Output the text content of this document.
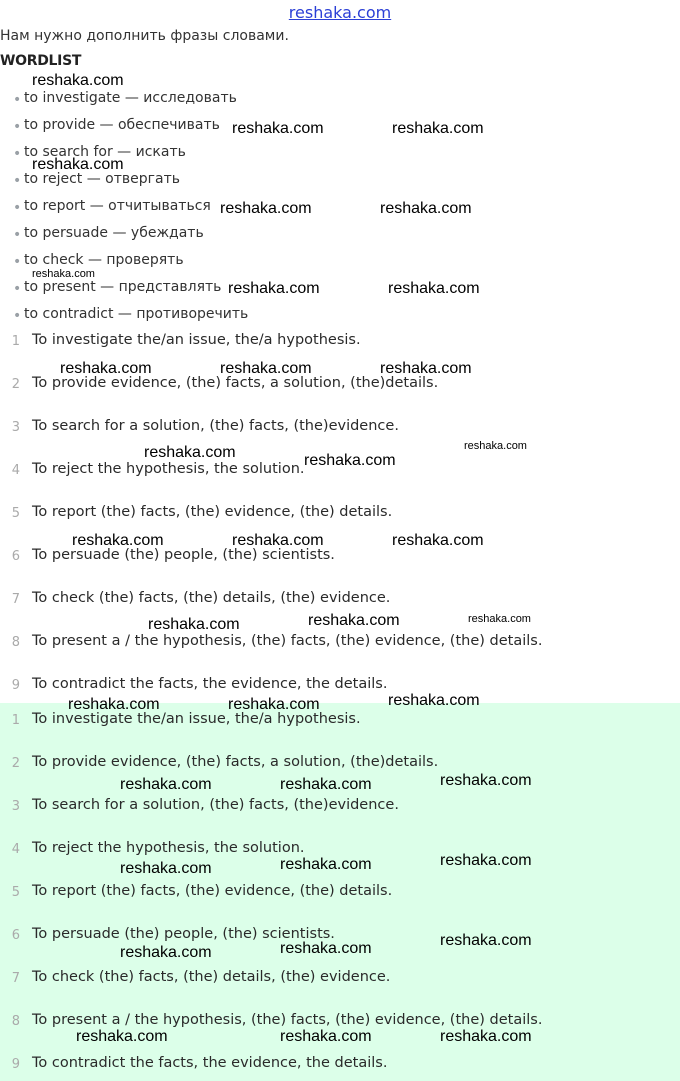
reshaka.com
Нам нужно дополнить фразы словами.
WORDLIST
• to investigate — исследовать
• to provide — обеспечивать
• to search for — искать
• to reject — отвергать
• to report — отчитываться
• to persuade — убеждать
• to check — проверять
• to present — представлять
• to contradict — противоречить
1 To investigate the/an issue, the/a hypothesis.
2 To provide evidence, (the) facts, a solution, (the)details.
3 To search for a solution, (the) facts, (the)evidence.
4 To reject the hypothesis, the solution.
5 To report (the) facts, (the) evidence, (the) details.
6 To persuade (the) people, (the) scientists.
7 To check (the) facts, (the) details, (the) evidence.
8 To present a / the hypothesis, (the) facts, (the) evidence, (the) details.
9 To contradict the facts, the evidence, the details.
1 To investigate the/an issue, the/a hypothesis.
2 To provide evidence, (the) facts, a solution, (the)details.
3 To search for a solution, (the) facts, (the)evidence.
4 To reject the hypothesis, the solution.
5 To report (the) facts, (the) evidence, (the) details.
6 To persuade (the) people, (the) scientists.
7 To check (the) facts, (the) details, (the) evidence.
8 To present a / the hypothesis, (the) facts, (the) evidence, (the) details.
9 To contradict the facts, the evidence, the details.
reshaka.com
reshaka.com	reshaka.com
reshaka.com
reshaka.com	reshaka.com
reshaka.com
reshaka.com	reshaka.com
reshaka.com	reshaka.com	reshaka.com
reshaka.com	reshaka.com
reshaka.com
reshaka.com	reshaka.com	reshaka.com
reshaka.com	reshaka.com
reshaka.com
reshaka.com
reshaka.com	reshaka.com
reshaka.com
reshaka.com	reshaka.com
reshaka.com
reshaka.com
reshaka.com
reshaka.com
reshaka.com
reshaka.com
reshaka.com	reshaka.com	reshaka.com
